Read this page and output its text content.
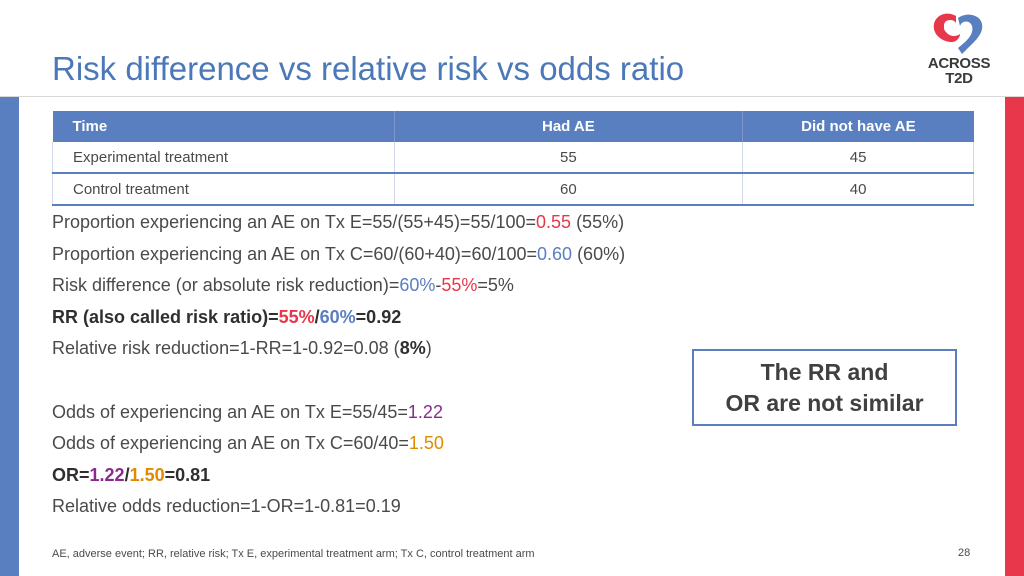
Risk difference vs relative risk vs odds ratio	ACROSS
T2D
Time	Had AE	Did not have AE
Experimental treatment	55	45
Control treatment	60	40
Proportion experiencing an AE on Tx E=55/(55+45)=55/100=0.55 (55%)
Proportion experiencing an AE on Tx C=60/(60+40)=60/100=0.60 (60%)
Risk difference (or absolute risk reduction)=60%-55%=5%
RR (also called risk ratio)=55%/60%=0.92
Relative risk reduction=1-RR=1-0.92=0.08 (8%)
Odds of experiencing an AE on Tx E=55/45=1.22
Odds of experiencing an AE on Tx C=60/40=1.50
OR=1.22/1.50=0.81
Relative odds reduction=1-OR=1-0.81=0.19
The RR and
OR are not similar
AE, adverse event; RR, relative risk; Tx E, experimental treatment arm; Tx C, control treatment arm	28
